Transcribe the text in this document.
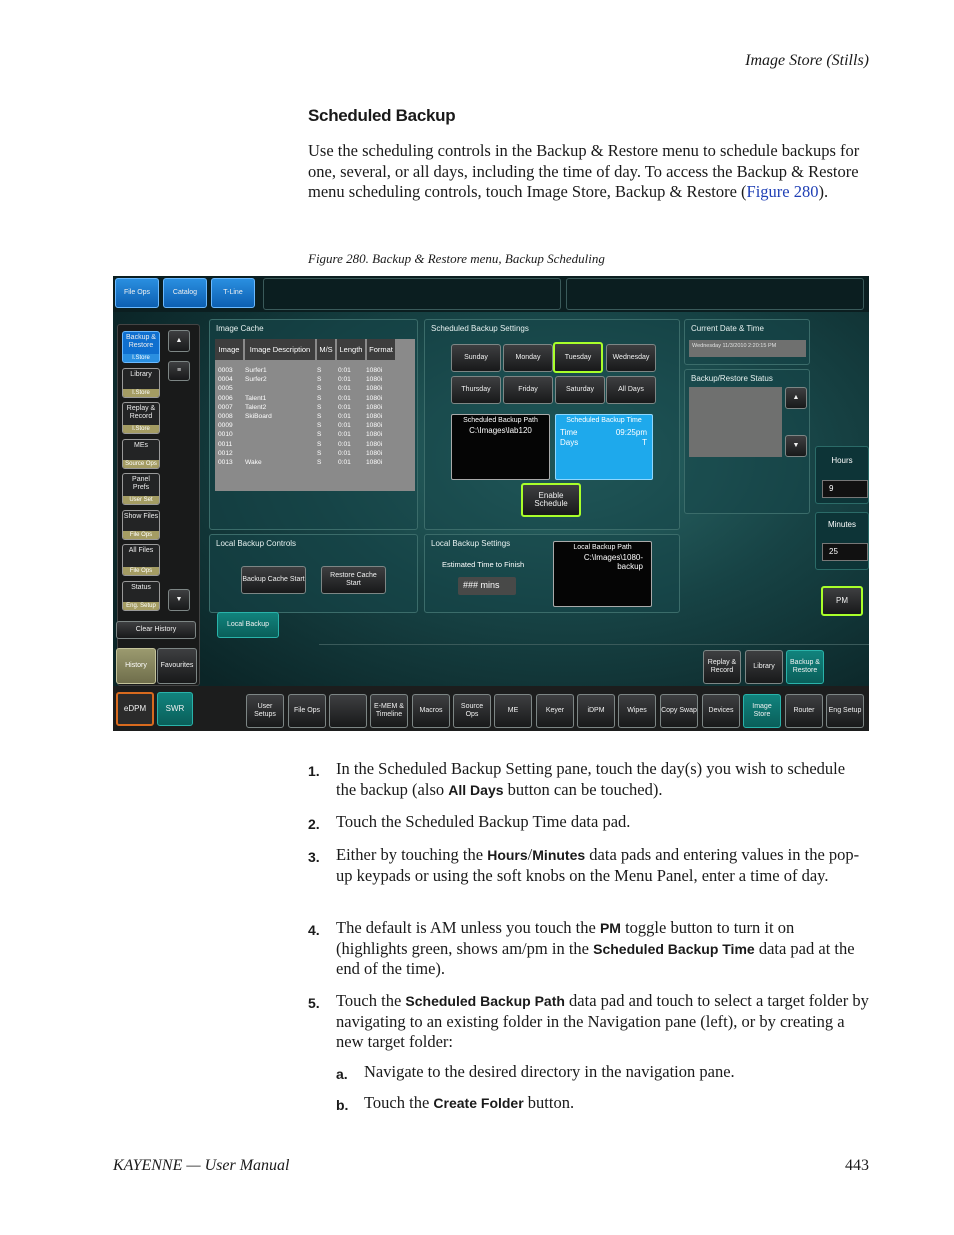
Image Store (Stills)
Scheduled Backup
Use the scheduling controls in the Backup & Restore menu to schedule backups for one, several, or all days, including the time of day. To access the Backup & Restore menu scheduling controls, touch Image Store, Backup & Restore (Figure 280).
Figure 280. Backup & Restore menu, Backup Scheduling
File Ops	Catalog	T-Line
Backup & Restore
I.Store
Library
I.Store
Replay & Record
I.Store
MEs
Source Ops
Panel Prefs
User Set
Show Files
File Ops
All Files
File Ops
Status
Eng. Setup
▲
≡
▼
Clear History
History	Favourites
Image Cache
Image	Image Description	M/S Length Format
0003 Surfer1	S	0:01 1080i
0004 Surfer2	S	0:01 1080i
0005	S	0:01 1080i
0006 Talent1	S	0:01 1080i
0007 Talent2	S	0:01 1080i
0008 SkiBoard	S	0:01 1080i
0009	S	0:01 1080i
0010	S	0:01 1080i
0011	S	0:01 1080i
0012	S	0:01 1080i
0013 Wake	S	0:01 1080i
Scheduled Backup Settings
Sunday	Monday	Tuesday	Wednesday
Thursday	Friday	Saturday	All Days
Scheduled Backup Path
C:\Images\lab120
Scheduled Backup Time
Time	09:25pm
Days	T
Enable Schedule
Current Date & Time
Wednesday 11/3/2010 2:20:15 PM
Backup/Restore Status
▲
▼
Hours
9
Minutes
25
PM
Local Backup Controls
Backup Cache Start
Restore Cache Start
Local Backup Settings
Estimated Time to Finish
### mins
Local Backup Path
C:\Images\1080-backup
Local Backup
Replay & Record
Library
Backup & Restore
eDPM	SWR	User Setups
File Ops
E-MEM & Timeline
Macros
Source Ops
ME	Keyer	iDPM	Wipes	Copy Swap	Devices
Image Store
Router	Eng Setup
1. In the Scheduled Backup Setting pane, touch the day(s) you wish to schedule the backup (also All Days button can be touched).
2. Touch the Scheduled Backup Time data pad.
3. Either by touching the Hours/Minutes data pads and entering values in the pop-up keypads or using the soft knobs on the Menu Panel, enter a time of day.
4. The default is AM unless you touch the PM toggle button to turn it on (highlights green, shows am/pm in the Scheduled Backup Time data pad at the end of the time).
5. Touch the Scheduled Backup Path data pad and touch to select a target folder by navigating to an existing folder in the Navigation pane (left), or by creating a new target folder:
a. Navigate to the desired directory in the navigation pane.
b. Touch the Create Folder button.
KAYENNE — User Manual	443
